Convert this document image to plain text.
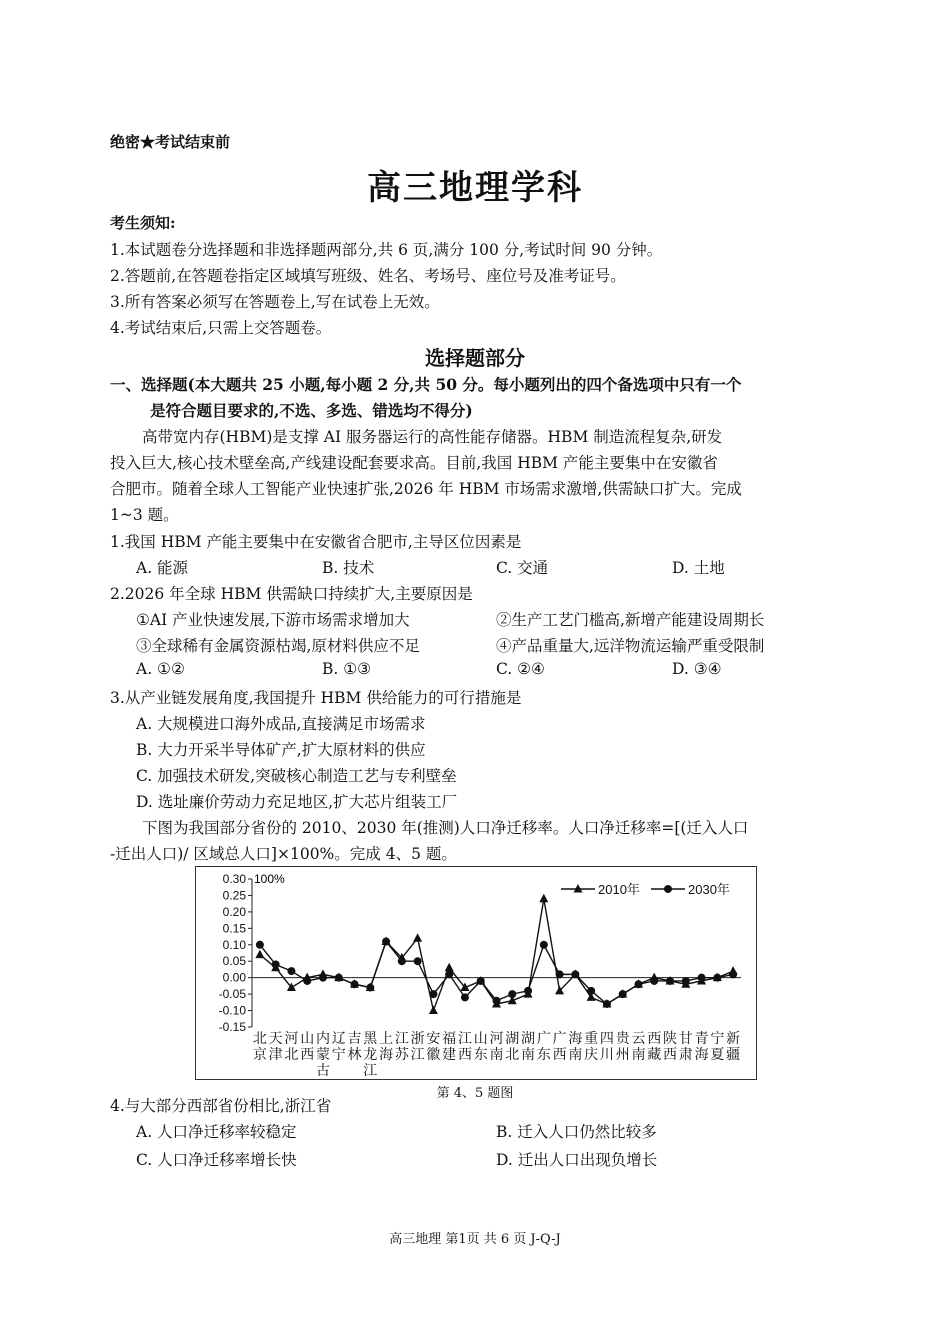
绝密★考试结束前
高三地理学科
考生须知:
1.本试题卷分选择题和非选择题两部分,共 6 页,满分 100 分,考试时间 90 分钟。
2.答题前,在答题卷指定区域填写班级、姓名、考场号、座位号及准考证号。
3.所有答案必须写在答题卷上,写在试卷上无效。
4.考试结束后,只需上交答题卷。
选择题部分
一、选择题(本大题共 25 小题,每小题 2 分,共 50 分。每小题列出的四个备选项中只有一个
是符合题目要求的,不选、多选、错选均不得分)
高带宽内存(HBM)是支撑 AI 服务器运行的高性能存储器。HBM 制造流程复杂,研发
投入巨大,核心技术壁垒高,产线建设配套要求高。目前,我国 HBM 产能主要集中在安徽省
合肥市。随着全球人工智能产业快速扩张,2026 年 HBM 市场需求激增,供需缺口扩大。完成
1~3 题。
1.我国 HBM 产能主要集中在安徽省合肥市,主导区位因素是
A. 能源	B. 技术	C. 交通	D. 土地
2.2026 年全球 HBM 供需缺口持续扩大,主要原因是
①AI 产业快速发展,下游市场需求增加大	②生产工艺门槛高,新增产能建设周期长
③全球稀有金属资源枯竭,原材料供应不足	④产品重量大,远洋物流运输严重受限制
A. ①②	B. ①③	C. ②④	D. ③④
3.从产业链发展角度,我国提升 HBM 供给能力的可行措施是
A. 大规模进口海外成品,直接满足市场需求
B. 大力开采半导体矿产,扩大原材料的供应
C. 加强技术研发,突破核心制造工艺与专利壁垒
D. 选址廉价劳动力充足地区,扩大芯片组装工厂
下图为我国部分省份的 2010、2030 年(推测)人口净迁移率。人口净迁移率=[(迁入人口
-迁出人口)/ 区域总人口]×100%。完成 4、5 题。
0.30
0.25
0.20
0.15
0.10
0.05
0.00
-0.05
-0.10
-0.15
北
京
天
津
河
北
山
西
内
蒙
古
辽
宁
吉
林
黑
龙
江
上
海
江
苏
浙
江
安
徽
福
建
江
西
山
东
河
南
湖
北
湖
南
广
东
广
西
海
南
重
庆
四
川
贵
州
云
南
西
藏
陕
西
甘
肃
青
海
宁
夏
新
疆
2010年	2030年
100%
第 4、5 题图
4.与大部分西部省份相比,浙江省
A. 人口净迁移率较稳定	B. 迁入人口仍然比较多
C. 人口净迁移率增长快	D. 迁出人口出现负增长
高三地理 第1页 共 6 页 J-Q-J
